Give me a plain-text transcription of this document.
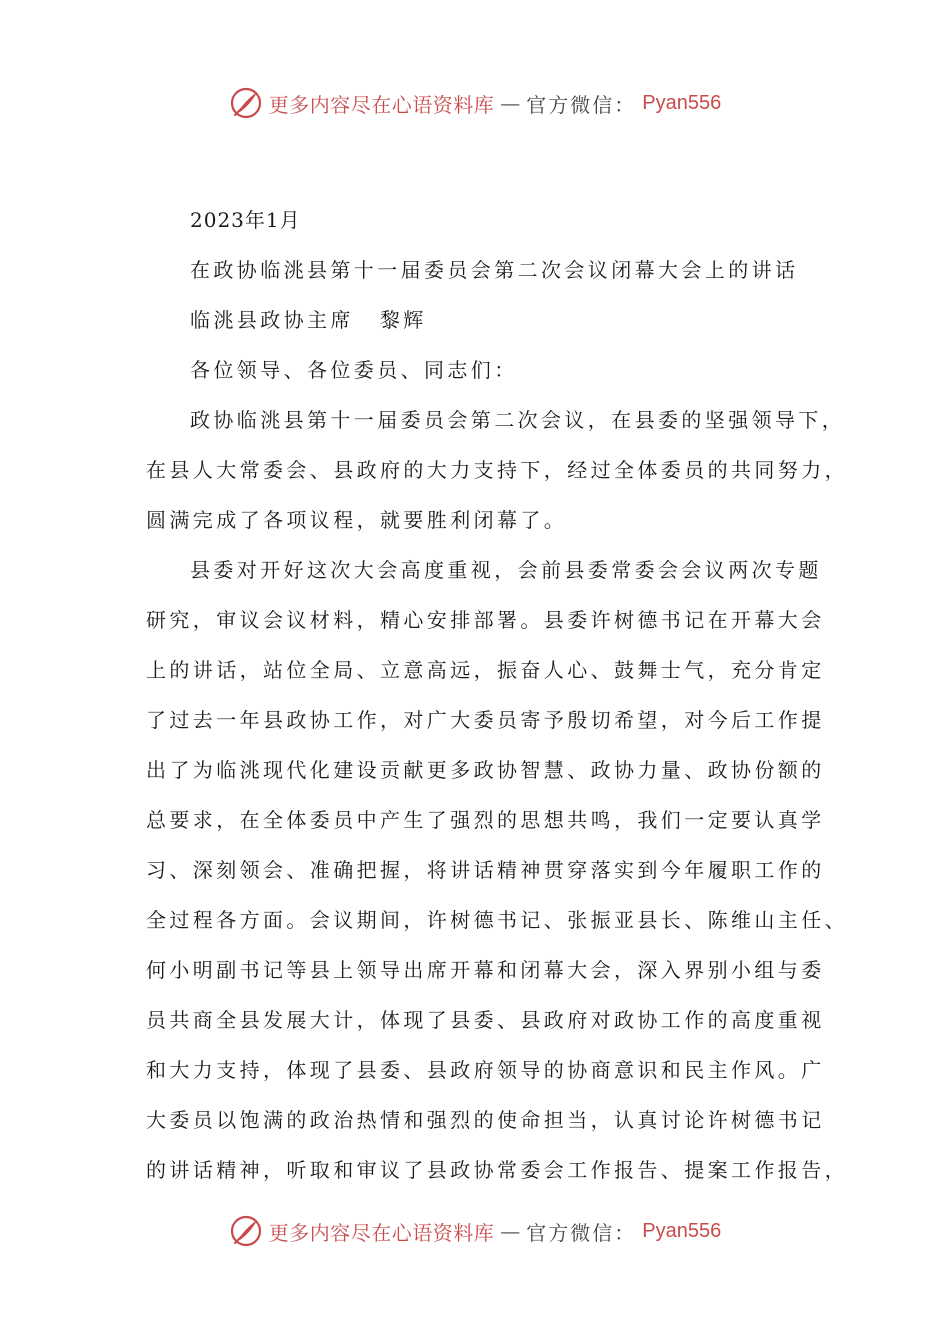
更多内容尽在心语资料库 — 官方微信： Pyan556
2023年1月
在政协临洮县第十一届委员会第二次会议闭幕大会上的讲话
临洮县政协主席 黎辉
各位领导、各位委员、同志们：
政协临洮县第十一届委员会第二次会议，在县委的坚强领导下，
在县人大常委会、县政府的大力支持下，经过全体委员的共同努力，
圆满完成了各项议程，就要胜利闭幕了。
县委对开好这次大会高度重视，会前县委常委会会议两次专题
研究，审议会议材料，精心安排部署。县委许树德书记在开幕大会
上的讲话，站位全局、立意高远，振奋人心、鼓舞士气，充分肯定
了过去一年县政协工作，对广大委员寄予殷切希望，对今后工作提
出了为临洮现代化建设贡献更多政协智慧、政协力量、政协份额的
总要求，在全体委员中产生了强烈的思想共鸣，我们一定要认真学
习、深刻领会、准确把握，将讲话精神贯穿落实到今年履职工作的
全过程各方面。会议期间，许树德书记、张振亚县长、陈维山主任、
何小明副书记等县上领导出席开幕和闭幕大会，深入界别小组与委
员共商全县发展大计，体现了县委、县政府对政协工作的高度重视
和大力支持，体现了县委、县政府领导的协商意识和民主作风。广
大委员以饱满的政治热情和强烈的使命担当，认真讨论许树德书记
的讲话精神，听取和审议了县政协常委会工作报告、提案工作报告，
更多内容尽在心语资料库 — 官方微信： Pyan556
